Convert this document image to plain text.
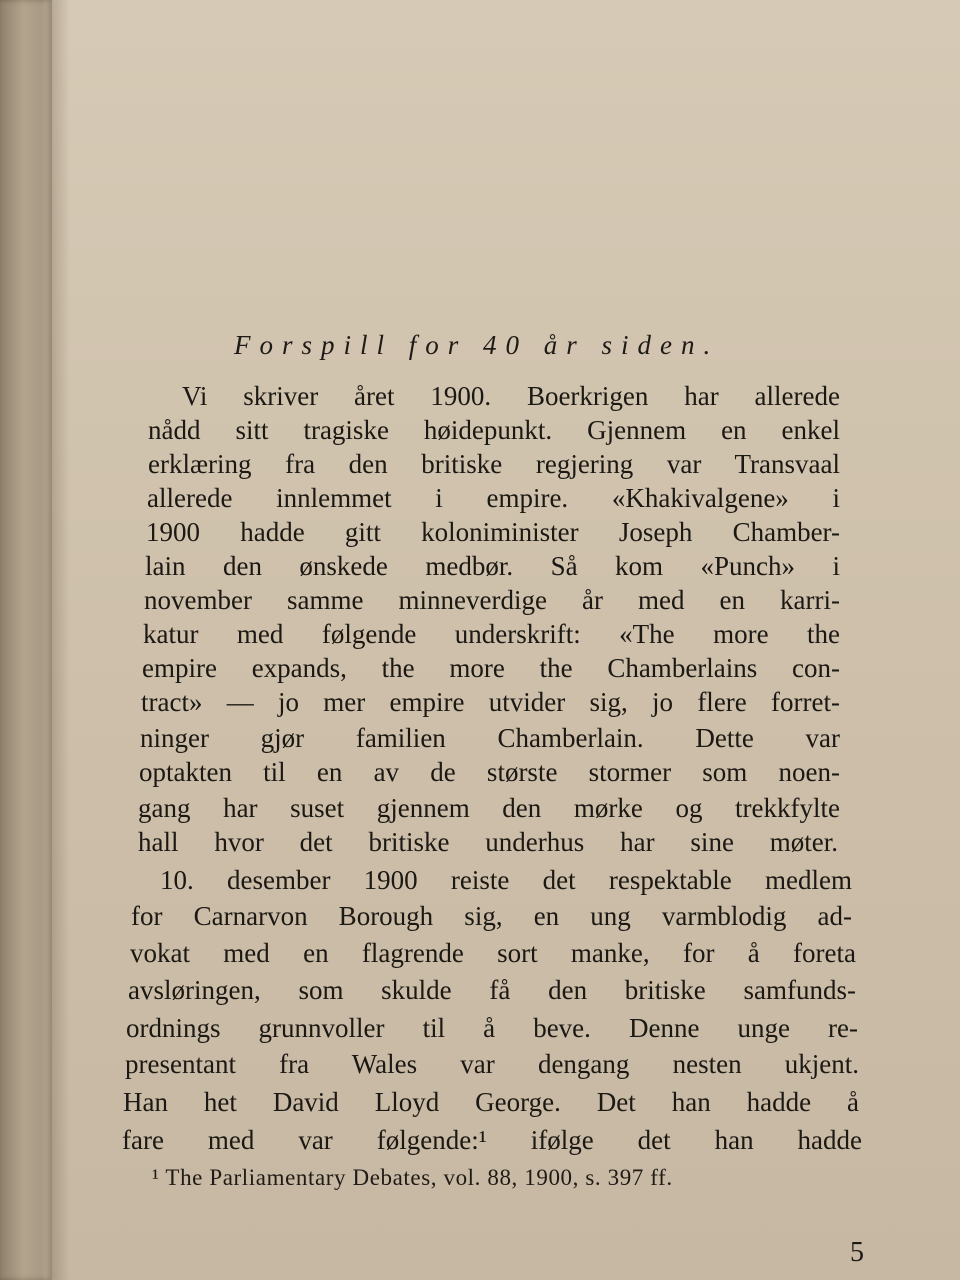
Forspill for 40 år siden.

Vi skriver året 1900. Boerkrigen har allerede

nådd sitt tragiske høidepunkt. Gjennem en enkel

erklæring fra den britiske regjering var Transvaal

allerede innlemmet i empire. «Khakivalgene» i

1900 hadde gitt koloniminister Joseph Chamber-

lain den ønskede medbør. Så kom «Punch» i

november samme minneverdige år med en karri-

katur med følgende underskrift: «The more the

empire expands, the more the Chamberlains con-

tract» — jo mer empire utvider sig, jo flere forret-

ninger gjør familien Chamberlain. Dette var

optakten til en av de største stormer som noen-

gang har suset gjennem den mørke og trekkfylte

hall hvor det britiske underhus har sine møter.

10. desember 1900 reiste det respektable medlem

for Carnarvon Borough sig, en ung varmblodig ad-

vokat med en flagrende sort manke, for å foreta

avsløringen, som skulde få den britiske samfunds-

ordnings grunnvoller til å beve. Denne unge re-

presentant fra Wales var dengang nesten ukjent.

Han het David Lloyd George. Det han hadde å

fare med var følgende:¹ ifølge det han hadde

¹ The Parliamentary Debates, vol. 88, 1900, s. 397 ff.

5
